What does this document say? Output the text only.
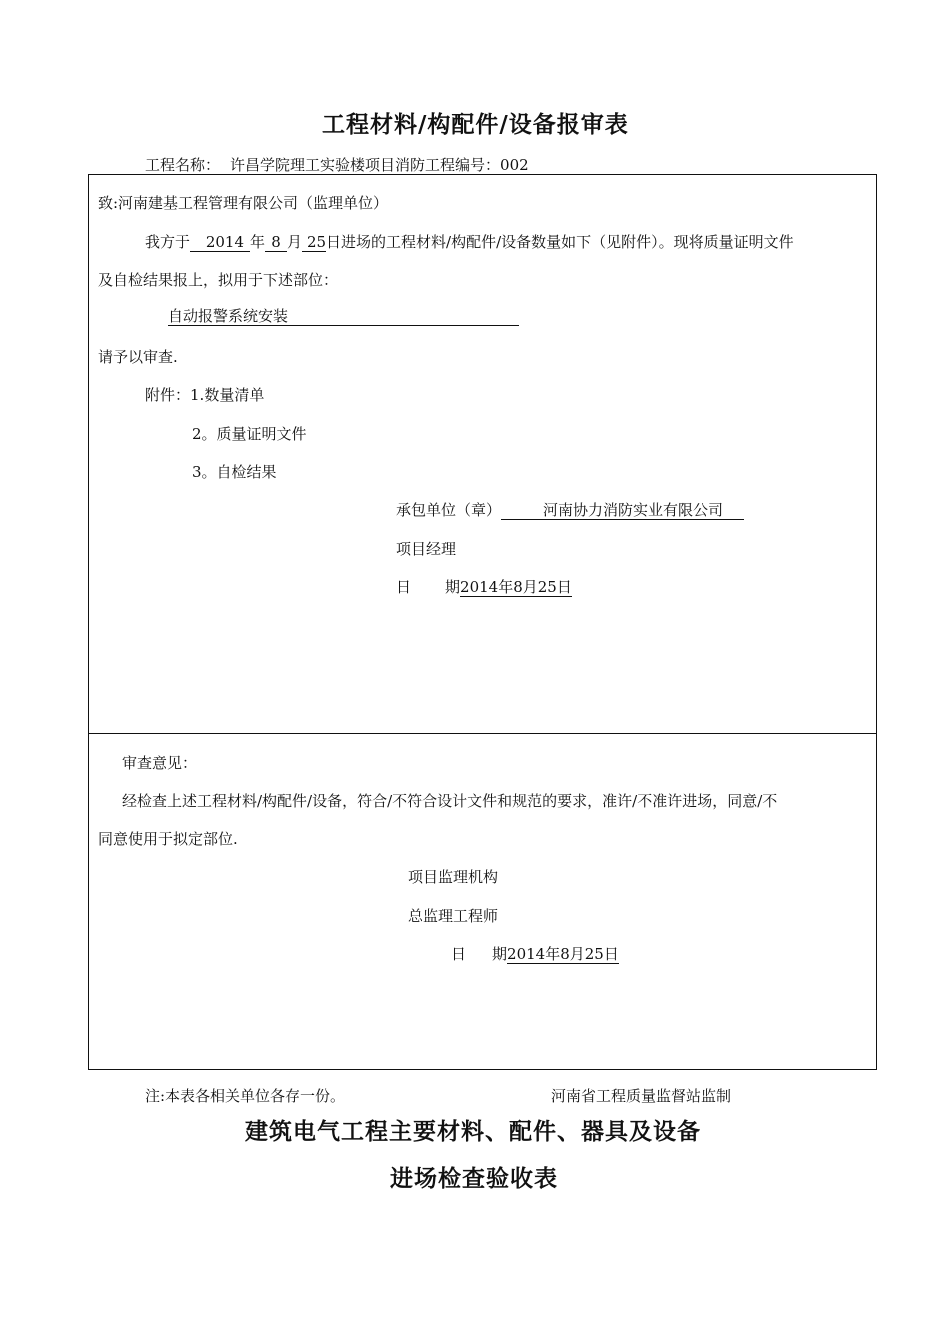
工程材料/构配件/设备报审表
工程名称： 许昌学院理工实验楼项目消防工程编号：002
致:河南建基工程管理有限公司（监理单位）
我方于 2014 年 8 月 25日进场的工程材料/构配件/设备数量如下（见附件）。现将质量证明文件
及自检结果报上，拟用于下述部位：
自动报警系统安装
请予以审查.
附件：1.数量清单
2。质量证明文件
3。自检结果
承包单位（章）	河南协力消防实业有限公司
项目经理
日 期2014年8月25日
审查意见：
经检查上述工程材料/构配件/设备，符合/不符合设计文件和规范的要求，准许/不准许进场，同意/不
同意使用于拟定部位.
项目监理机构
总监理工程师
日 期2014年8月25日
注:本表各相关单位各存一份。	河南省工程质量监督站监制
建筑电气工程主要材料、配件、器具及设备
进场检查验收表
